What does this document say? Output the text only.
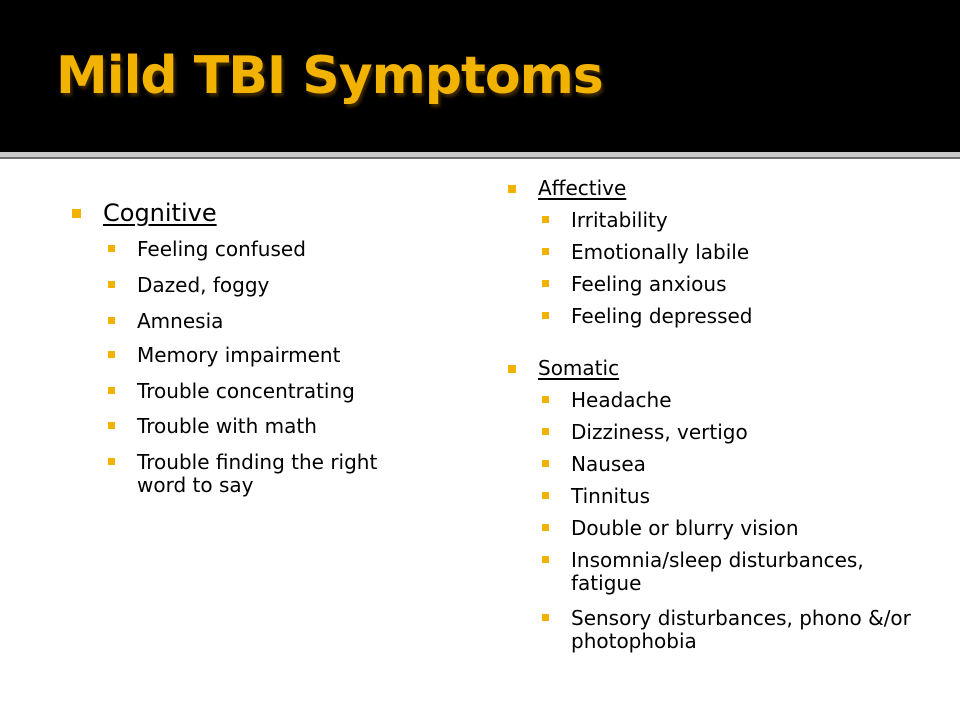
Mild TBI Symptoms
Cognitive
Feeling confused
Dazed, foggy
Amnesia
Memory impairment
Trouble concentrating
Trouble with math
Trouble finding the right word to say
Affective
Irritability
Emotionally labile
Feeling anxious
Feeling depressed
Somatic
Headache
Dizziness, vertigo
Nausea
Tinnitus
Double or blurry vision
Insomnia/sleep disturbances, fatigue
Sensory disturbances, phono &/or photophobia
